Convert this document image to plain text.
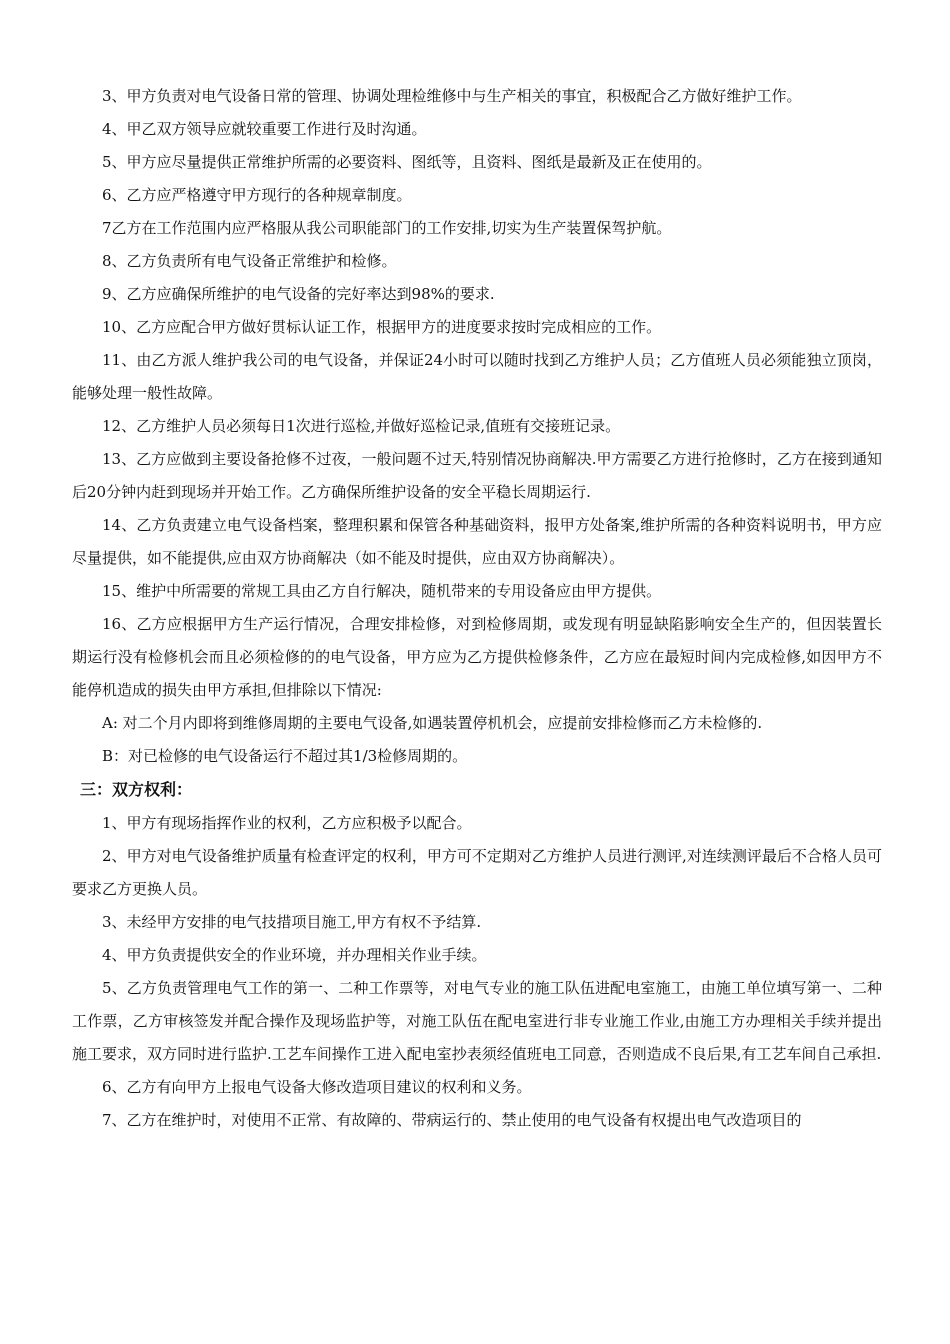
3、甲方负责对电气设备日常的管理、协调处理检维修中与生产相关的事宜，积极配合乙方做好维护工作。

4、甲乙双方领导应就较重要工作进行及时沟通。

5、甲方应尽量提供正常维护所需的必要资料、图纸等，且资料、图纸是最新及正在使用的。

6、乙方应严格遵守甲方现行的各种规章制度。

7乙方在工作范围内应严格服从我公司职能部门的工作安排,切实为生产装置保驾护航。

8、乙方负责所有电气设备正常维护和检修。

9、乙方应确保所维护的电气设备的完好率达到98%的要求.

10、乙方应配合甲方做好贯标认证工作，根据甲方的进度要求按时完成相应的工作。

11、由乙方派人维护我公司的电气设备，并保证24小时可以随时找到乙方维护人员；乙方值班人员必须能独立顶岗，能够处理一般性故障。

12、乙方维护人员必须每日1次进行巡检,并做好巡检记录,值班有交接班记录。

13、乙方应做到主要设备抢修不过夜，一般问题不过天,特别情况协商解决.甲方需要乙方进行抢修时，乙方在接到通知后20分钟内赶到现场并开始工作。乙方确保所维护设备的安全平稳长周期运行.

14、乙方负责建立电气设备档案，整理积累和保管各种基础资料，报甲方处备案,维护所需的各种资料说明书，甲方应尽量提供，如不能提供,应由双方协商解决（如不能及时提供，应由双方协商解决）。

15、维护中所需要的常规工具由乙方自行解决，随机带来的专用设备应由甲方提供。

16、乙方应根据甲方生产运行情况，合理安排检修，对到检修周期，或发现有明显缺陷影响安全生产的，但因装置长期运行没有检修机会而且必须检修的的电气设备，甲方应为乙方提供检修条件，乙方应在最短时间内完成检修,如因甲方不能停机造成的损失由甲方承担,但排除以下情况:

A: 对二个月内即将到维修周期的主要电气设备,如遇装置停机机会，应提前安排检修而乙方未检修的.

B：对已检修的电气设备运行不超过其1/3检修周期的。

三：双方权利：

1、甲方有现场指挥作业的权利，乙方应积极予以配合。

2、甲方对电气设备维护质量有检查评定的权利，甲方可不定期对乙方维护人员进行测评,对连续测评最后不合格人员可要求乙方更换人员。

3、未经甲方安排的电气技措项目施工,甲方有权不予结算.

4、甲方负责提供安全的作业环境，并办理相关作业手续。

5、乙方负责管理电气工作的第一、二种工作票等，对电气专业的施工队伍进配电室施工，由施工单位填写第一、二种工作票，乙方审核签发并配合操作及现场监护等，对施工队伍在配电室进行非专业施工作业,由施工方办理相关手续并提出施工要求，双方同时进行监护.工艺车间操作工进入配电室抄表须经值班电工同意，否则造成不良后果,有工艺车间自己承担.

6、乙方有向甲方上报电气设备大修改造项目建议的权利和义务。

7、乙方在维护时，对使用不正常、有故障的、带病运行的、禁止使用的电气设备有权提出电气改造项目的
